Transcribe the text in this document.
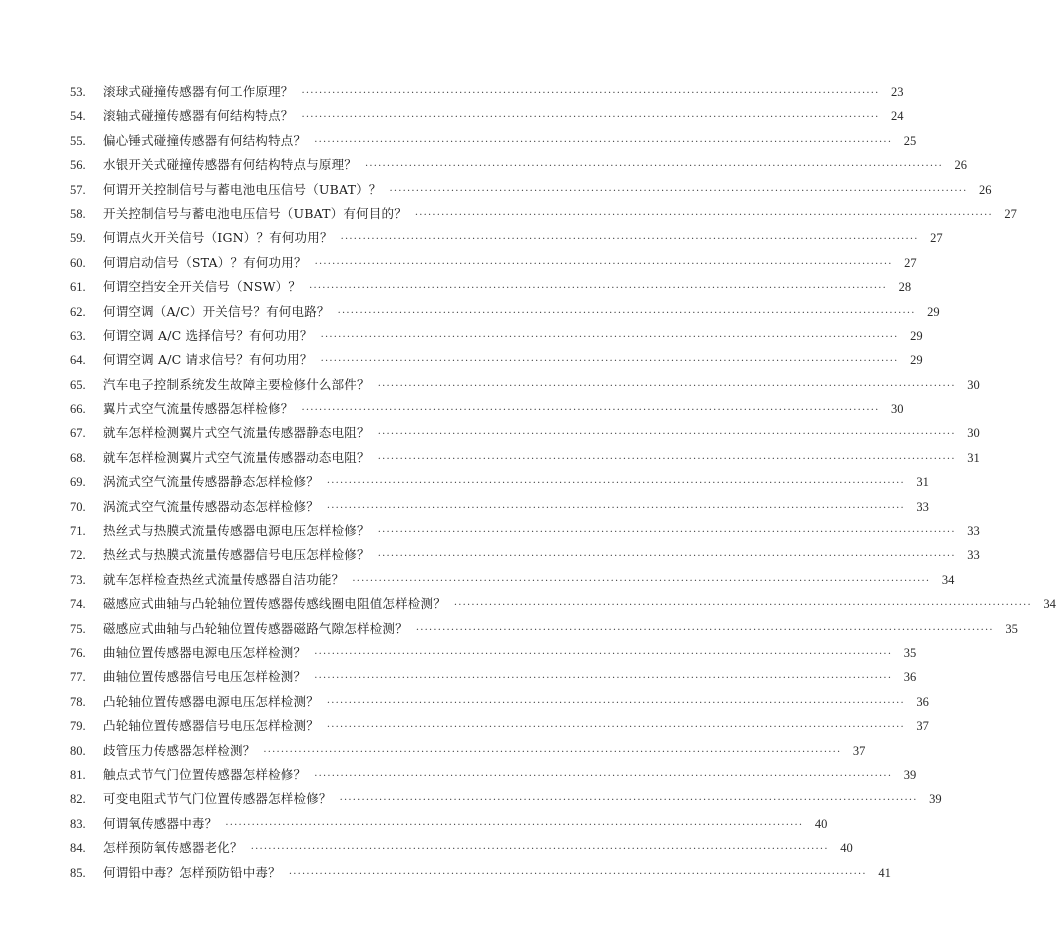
53.	滚球式碰撞传感器有何工作原理？ ·····	23
54.	滚轴式碰撞传感器有何结构特点？ ·····	24
55.	偏心锤式碰撞传感器有何结构特点？ ·····	25
56.	水银开关式碰撞传感器有何结构特点与原理？ ·····	26
57.	何谓开关控制信号与蓄电池电压信号（UBAT）？ ·····	26
58.	开关控制信号与蓄电池电压信号（UBAT）有何目的？ ·····	27
59.	何谓点火开关信号（IGN）？有何功用？ ·····	27
60.	何谓启动信号（STA）？有何功用？ ·····	27
61.	何谓空挡安全开关信号（NSW）？ ·····	28
62.	何谓空调（A/C）开关信号？有何电路？ ·····	29
63.	何谓空调 A/C 选择信号？有何功用？ ·····	29
64.	何谓空调 A/C 请求信号？有何功用？ ·····	29
65.	汽车电子控制系统发生故障主要检修什么部件？ ·····	30
66.	翼片式空气流量传感器怎样检修？ ·····	30
67.	就车怎样检测翼片式空气流量传感器静态电阻？ ·····	30
68.	就车怎样检测翼片式空气流量传感器动态电阻？ ·····	31
69.	涡流式空气流量传感器静态怎样检修？ ·····	31
70.	涡流式空气流量传感器动态怎样检修？ ·····	33
71.	热丝式与热膜式流量传感器电源电压怎样检修？ ·····	33
72.	热丝式与热膜式流量传感器信号电压怎样检修？ ·····	33
73.	就车怎样检查热丝式流量传感器自洁功能？ ·····	34
74.	磁感应式曲轴与凸轮轴位置传感器传感线圈电阻值怎样检测？ ·····	34
75.	磁感应式曲轴与凸轮轴位置传感器磁路气隙怎样检测？ ·····	35
76.	曲轴位置传感器电源电压怎样检测？ ·····	35
77.	曲轴位置传感器信号电压怎样检测？ ·····	36
78.	凸轮轴位置传感器电源电压怎样检测？ ·····	36
79.	凸轮轴位置传感器信号电压怎样检测？ ·····	37
80.	歧管压力传感器怎样检测？ ·····	37
81.	触点式节气门位置传感器怎样检修？ ·····	39
82.	可变电阻式节气门位置传感器怎样检修？ ·····	39
83.	何谓氧传感器中毒？ ·····	40
84.	怎样预防氧传感器老化？ ·····	40
85.	何谓铅中毒？怎样预防铅中毒？ ·····	41
